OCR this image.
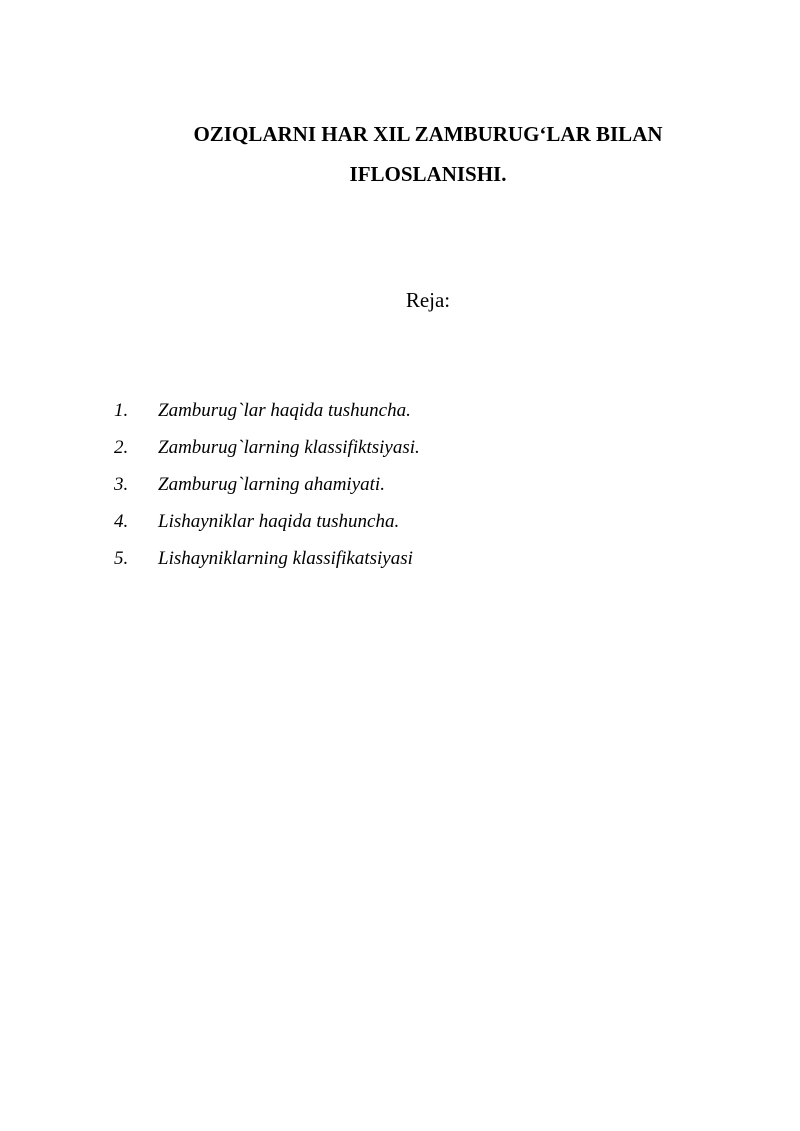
OZIQLARNI HAR XIL ZAMBURUG‘LAR BILAN
IFLOSLANISHI.
Reja:
1.	Zamburug`lar haqida tushuncha.
2.	Zamburug`larning klassifiktsiyasi.
3.	Zamburug`larning ahamiyati.
4.	Lishayniklar haqida tushuncha.
5.	Lishayniklarning klassifikatsiyasi
